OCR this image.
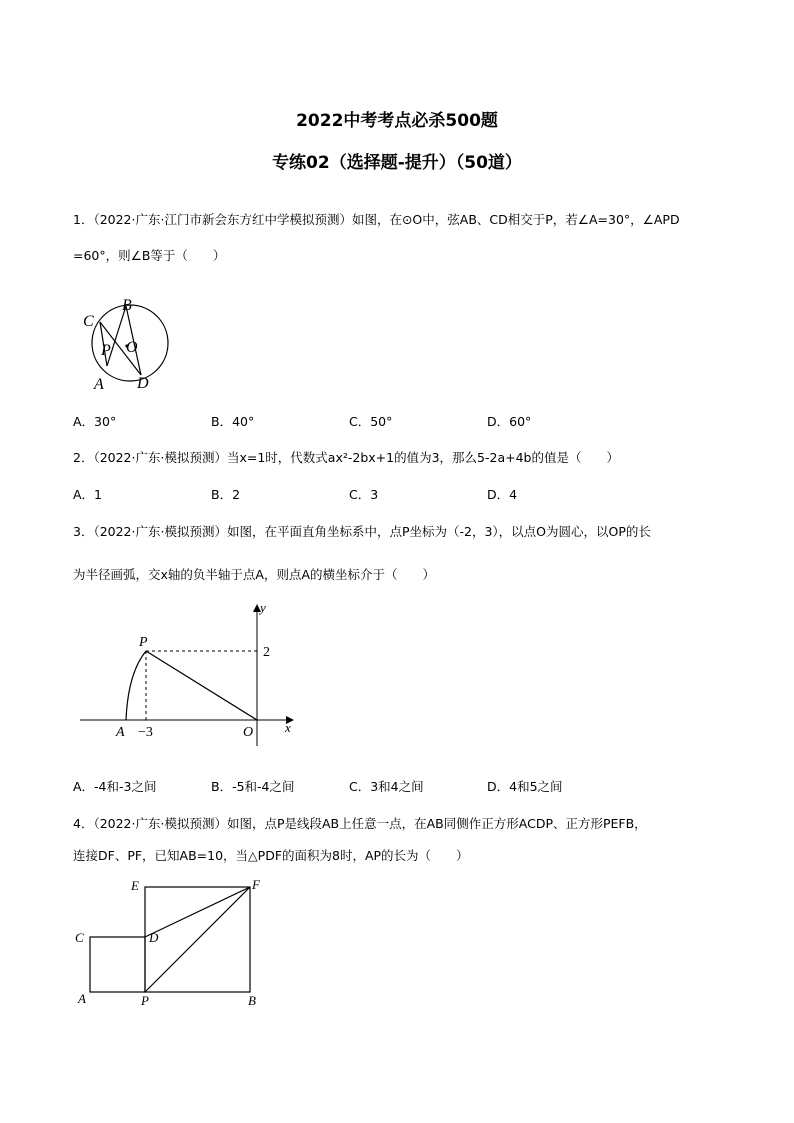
2022中考考点必杀500题
专练02（选择题-提升）（50道）
1．（2022·广东·江门市新会东方红中学模拟预测）如图，在⊙O中，弦AB、CD相交于P，若∠A=30°，∠APD
=60°，则∠B等于（　　）
B
C
P O
A D
A．30°	B．40°	C．50°	D．60°
2．（2022·广东·模拟预测）当x=1时，代数式ax²-2bx+1的值为3，那么5-2a+4b的值是（　　）
A．1	B．2	C．3	D．4
3．（2022·广东·模拟预测）如图，在平面直角坐标系中，点P坐标为（-2，3），以点O为圆心，以OP的长
为半径画弧，交x轴的负半轴于点A，则点A的横坐标介于（　　）
y
P
2
A −3	O x
A．-4和-3之间	B．-5和-4之间	C．3和4之间	D．4和5之间
4．（2022·广东·模拟预测）如图，点P是线段AB上任意一点，在AB同侧作正方形ACDP、正方形PEFB，
连接DF、PF，已知AB=10，当△PDF的面积为8时，AP的长为（　　）
E	F
C	D
A	P	B
